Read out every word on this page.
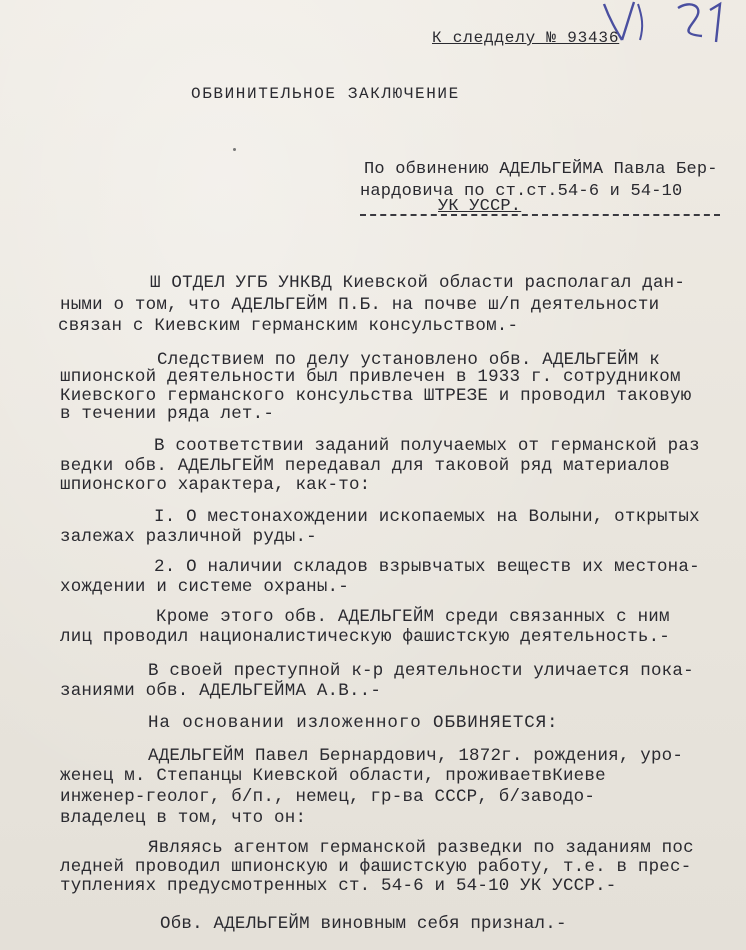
К следделу № 93436
ОБВИНИТЕЛЬНОЕ ЗАКЛЮЧЕНИЕ
По обвинению АДЕЛЬГЕЙМА Павла Бер-
нардовича по ст.ст.54-6 и 54-10
УК УССР.
Ш ОТДЕЛ УГБ УНКВД Киевской области располагал дан-
ными о том, что АДЕЛЬГЕЙМ П.Б. на почве ш/п деятельности
связан с Киевским германским консульством.-
Следствием по делу установлено обв. АДЕЛЬГЕЙМ к
шпионской деятельности был привлечен в 1933 г. сотрудником
Киевского германского консульства ШТРЕЗЕ и проводил таковую
в течении ряда лет.-
В соответствии заданий получаемых от германской раз
ведки обв. АДЕЛЬГЕЙМ передавал для таковой ряд материалов
шпионского характера, как-то:
I. О местонахождении ископаемых на Волыни, открытых
залежах различной руды.-
2. О наличии складов взрывчатых веществ их местона-
хождении и системе охраны.-
Кроме этого обв. АДЕЛЬГЕЙМ среди связанных с ним
лиц проводил националистическую фашистскую деятельность.-
В своей преступной к-р деятельности уличается пока-
заниями обв. АДЕЛЬГЕЙМА А.В..-
На основании изложенного ОБВИНЯЕТСЯ:
АДЕЛЬГЕЙМ Павел Бернардович, 1872г. рождения, уро-
женец м. Степанцы Киевской области, проживаетвКиеве
инженер-геолог, б/п., немец, гр-ва СССР, б/заводо-
владелец в том, что он:
Являясь агентом германской разведки по заданиям пос
ледней проводил шпионскую и фашистскую работу, т.е. в прес-
туплениях предусмотренных ст. 54-6 и 54-10 УК УССР.-
Обв. АДЕЛЬГЕЙМ виновным себя признал.-
